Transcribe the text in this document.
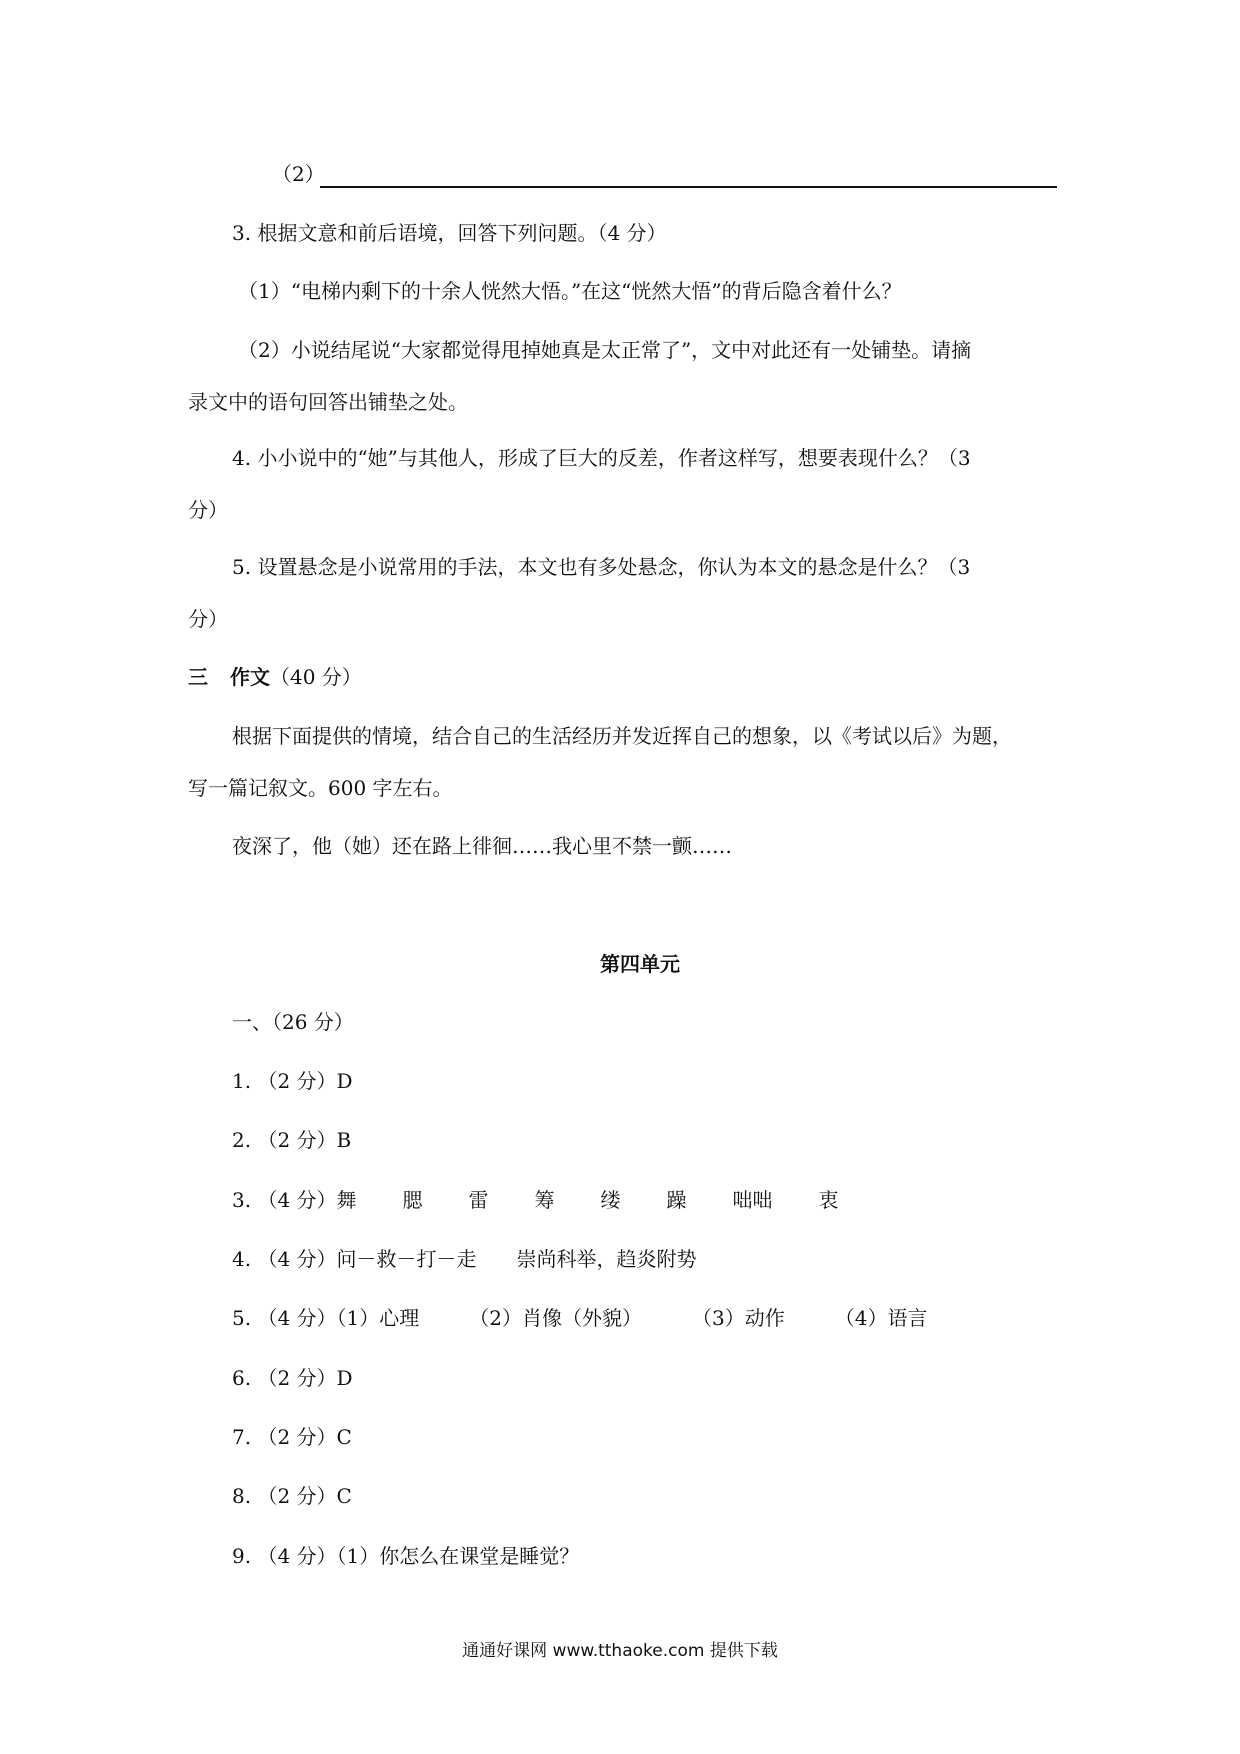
（2）
3. 根据文意和前后语境，回答下列问题。（4 分）
（1）“电梯内剩下的十余人恍然大悟。”在这“恍然大悟”的背后隐含着什么？
（2）小说结尾说“大家都觉得甩掉她真是太正常了”，文中对此还有一处铺垫。请摘
录文中的语句回答出铺垫之处。
4. 小小说中的“她”与其他人，形成了巨大的反差，作者这样写，想要表现什么？（3
分）
5. 设置悬念是小说常用的手法，本文也有多处悬念，你认为本文的悬念是什么？（3
分）
三 作文（40 分）
根据下面提供的情境，结合自己的生活经历并发近挥自己的想象，以《考试以后》为题，
写一篇记叙文。600 字左右。
夜深了，他（她）还在路上徘徊……我心里不禁一颤……
第四单元
一、（26 分）
1. （2 分）D
2. （2 分）B
3. （4 分）舞 腮 雷 筹 缕 躁 咄咄 衷
4. （4 分）问－救－打－走　　崇尚科举，趋炎附势
5. （4 分）（1）心理	（2）肖像（外貌）	（3）动作	（4）语言
6. （2 分）D
7. （2 分）C
8. （2 分）C
9. （4 分）（1）你怎么在课堂是睡觉？
通通好课网 www.tthaoke.com 提供下载
